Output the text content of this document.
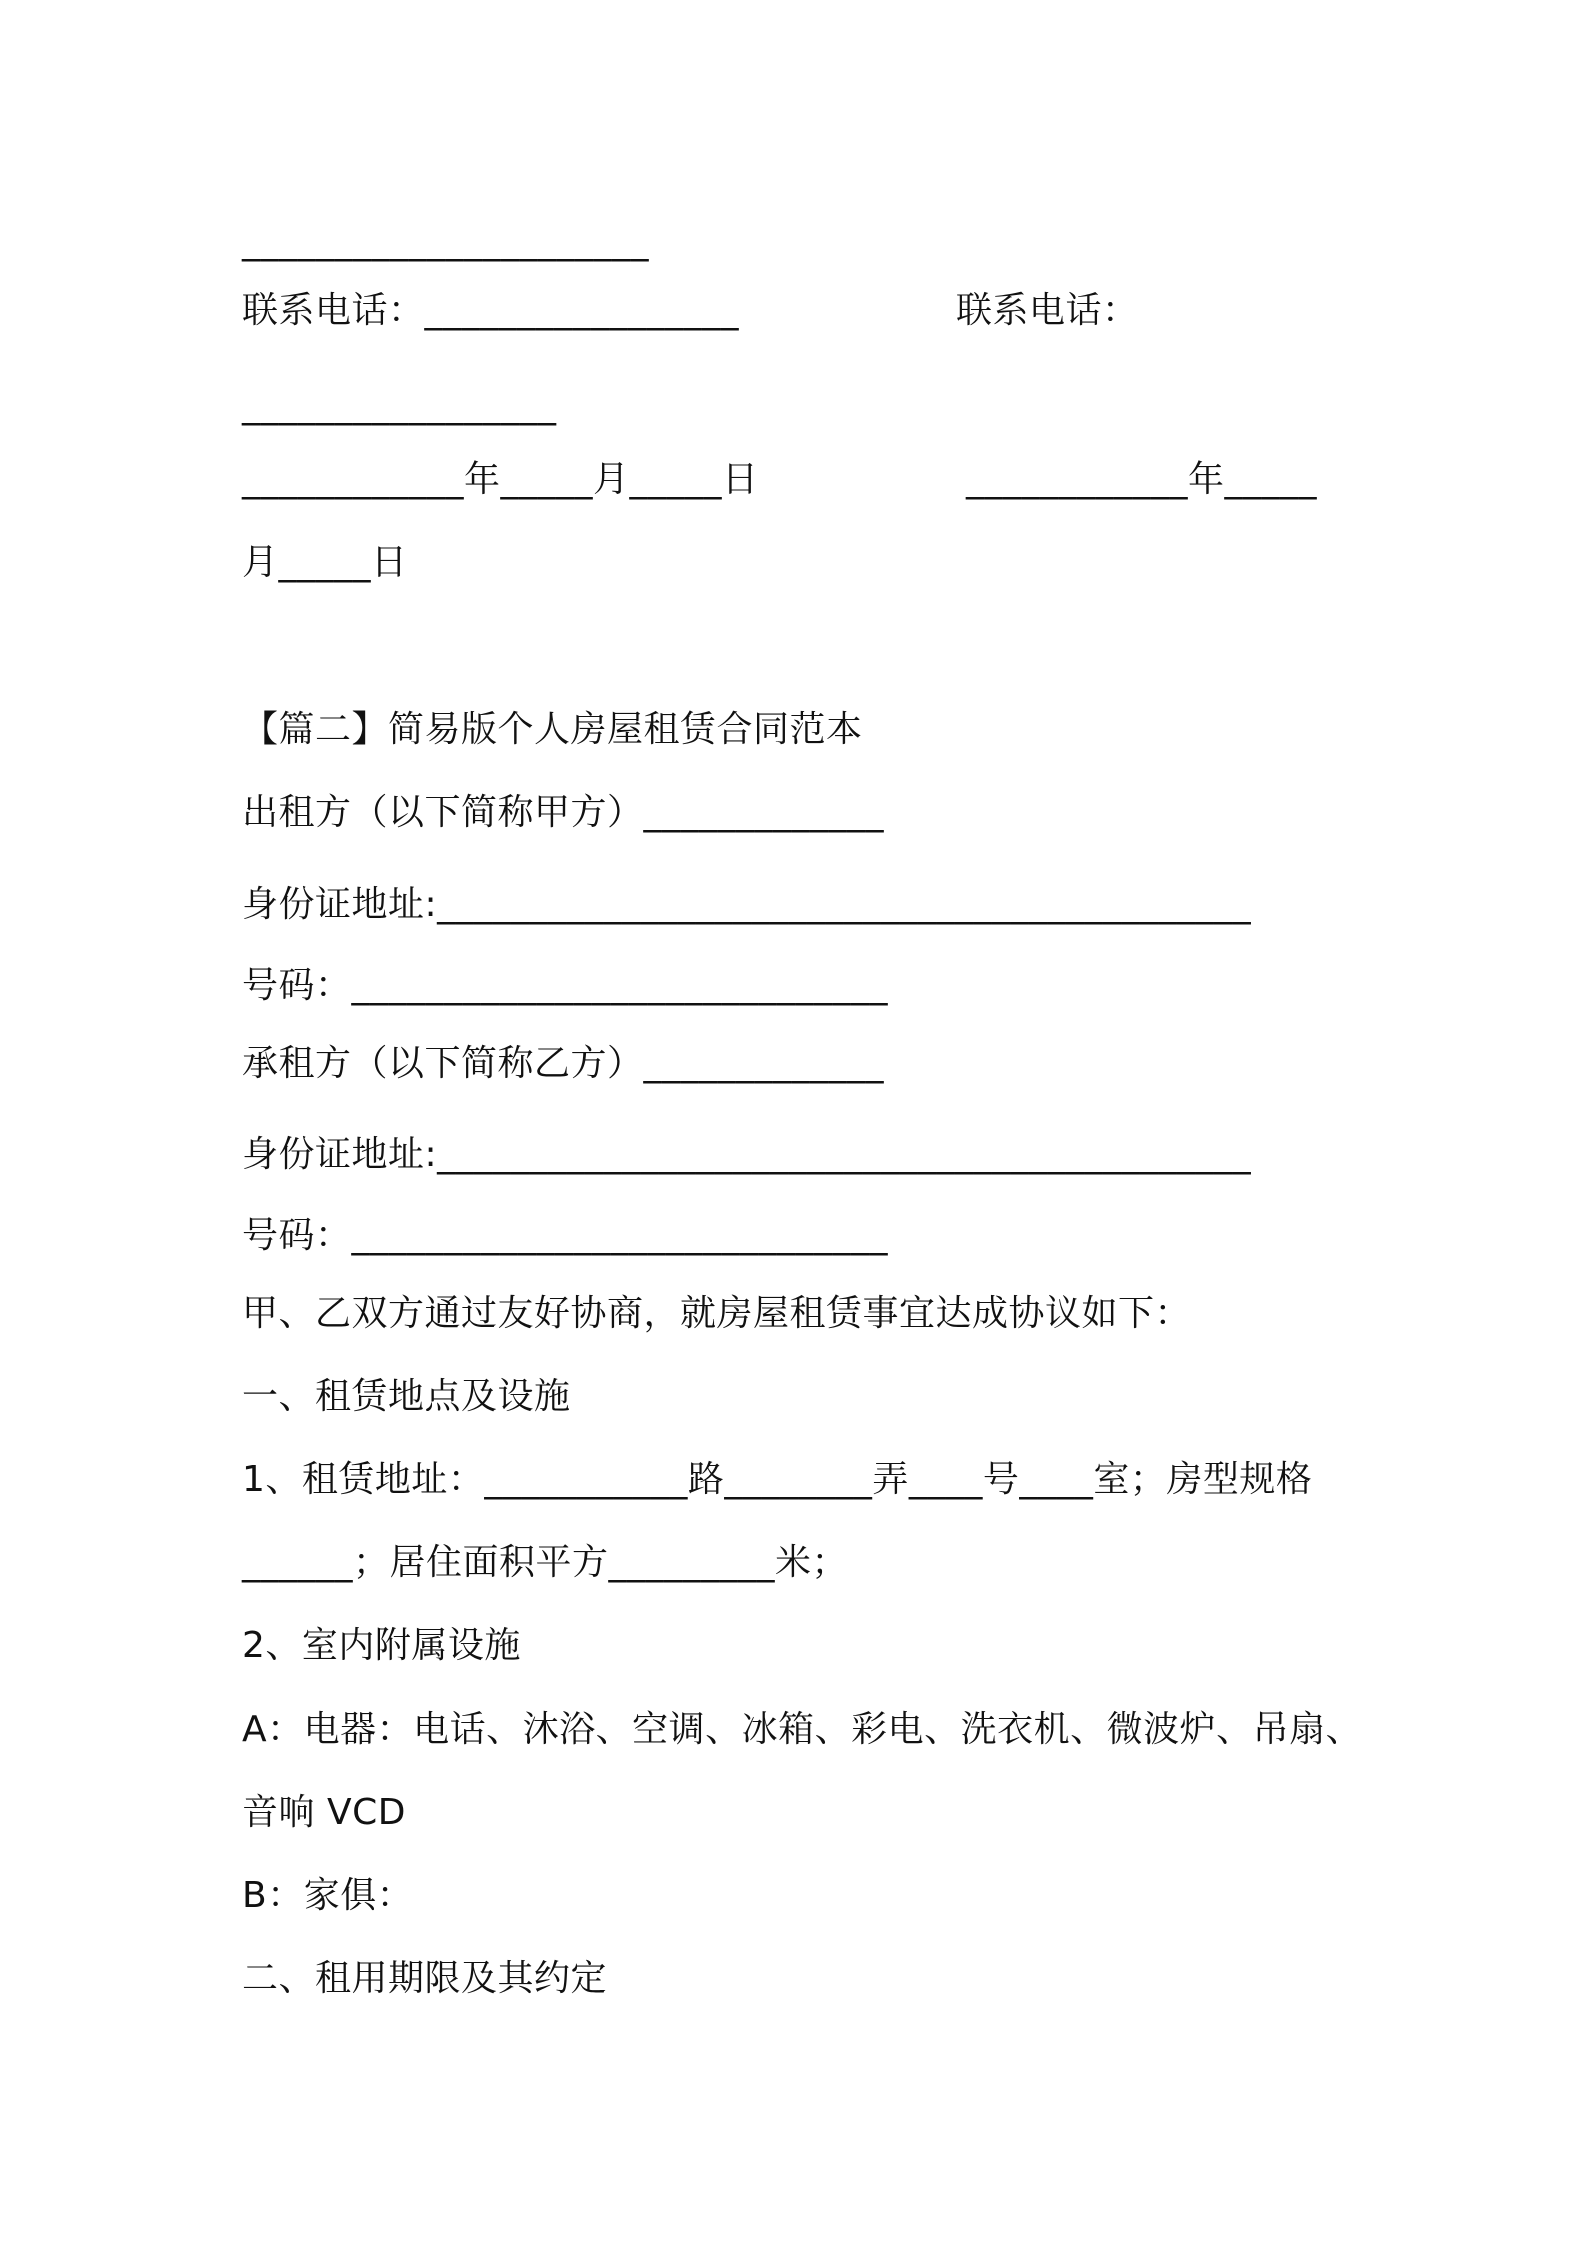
______________________
联系电话：_________________	联系电话：
_________________
____________年_____月_____日	____________年_____
月_____日
【篇二】简易版个人房屋租赁合同范本
出租方（以下简称甲方）_____________
身份证地址:____________________________________________
号码：_____________________________
承租方（以下简称乙方）_____________
身份证地址:____________________________________________
号码：_____________________________
甲、乙双方通过友好协商，就房屋租赁事宜达成协议如下：
一、租赁地点及设施
1、租赁地址：___________路________弄____号____室；房型规格
______；居住面积平方_________米；
2、室内附属设施
A：电器：电话、沐浴、空调、冰箱、彩电、洗衣机、微波炉、吊扇、
音响 VCD
B：家俱：
二、租用期限及其约定
